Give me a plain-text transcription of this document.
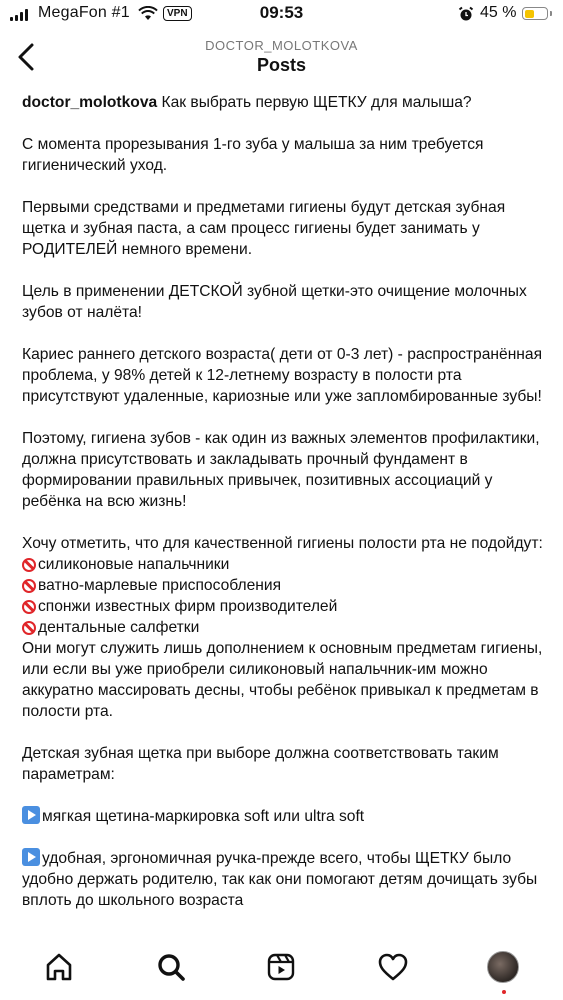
MegaFon #1	VPN	09:53	45 %
DOCTOR_MOLOTKOVA
Posts

doctor_molotkova Как выбрать первую ЩЕТКУ для малыша?

С момента прорезывания 1-го зуба у малыша за ним требуется гигиенический уход.

Первыми средствами и предметами гигиены будут детская зубная щетка и зубная паста, а сам процесс гигиены будет занимать у РОДИТЕЛЕЙ немного времени.

Цель в применении ДЕТСКОЙ зубной щетки-это очищение молочных зубов от налёта!

Кариес раннего детского возраста( дети от 0-3 лет) - распространённая проблема, у 98% детей к 12-летнему возрасту в полости рта присутствуют удаленные, кариозные или уже запломбированные зубы!

Поэтому, гигиена зубов - как один из важных элементов профилактики, должна присутствовать и закладывать прочный фундамент в формировании правильных привычек, позитивных ассоциаций у ребёнка на всю жизнь!

Хочу отметить, что для качественной гигиены полости рта не подойдут:

силиконовые напальчники
ватно-марлевые приспособления
спонжи известных фирм производителей
дентальные салфетки

Они могут служить лишь дополнением к основным предметам гигиены, или если вы уже приобрели силиконовый напальчник-им можно аккуратно массировать десны, чтобы ребёнок привыкал к предметам в полости рта.

Детская зубная щетка при выборе должна соответствовать таким параметрам:

мягкая щетина-маркировка soft или ultra soft

удобная, эргономичная ручка-прежде всего, чтобы ЩЕТКУ было удобно держать родителю, так как они помогают детям дочищать зубы вплоть до школьного возраста
